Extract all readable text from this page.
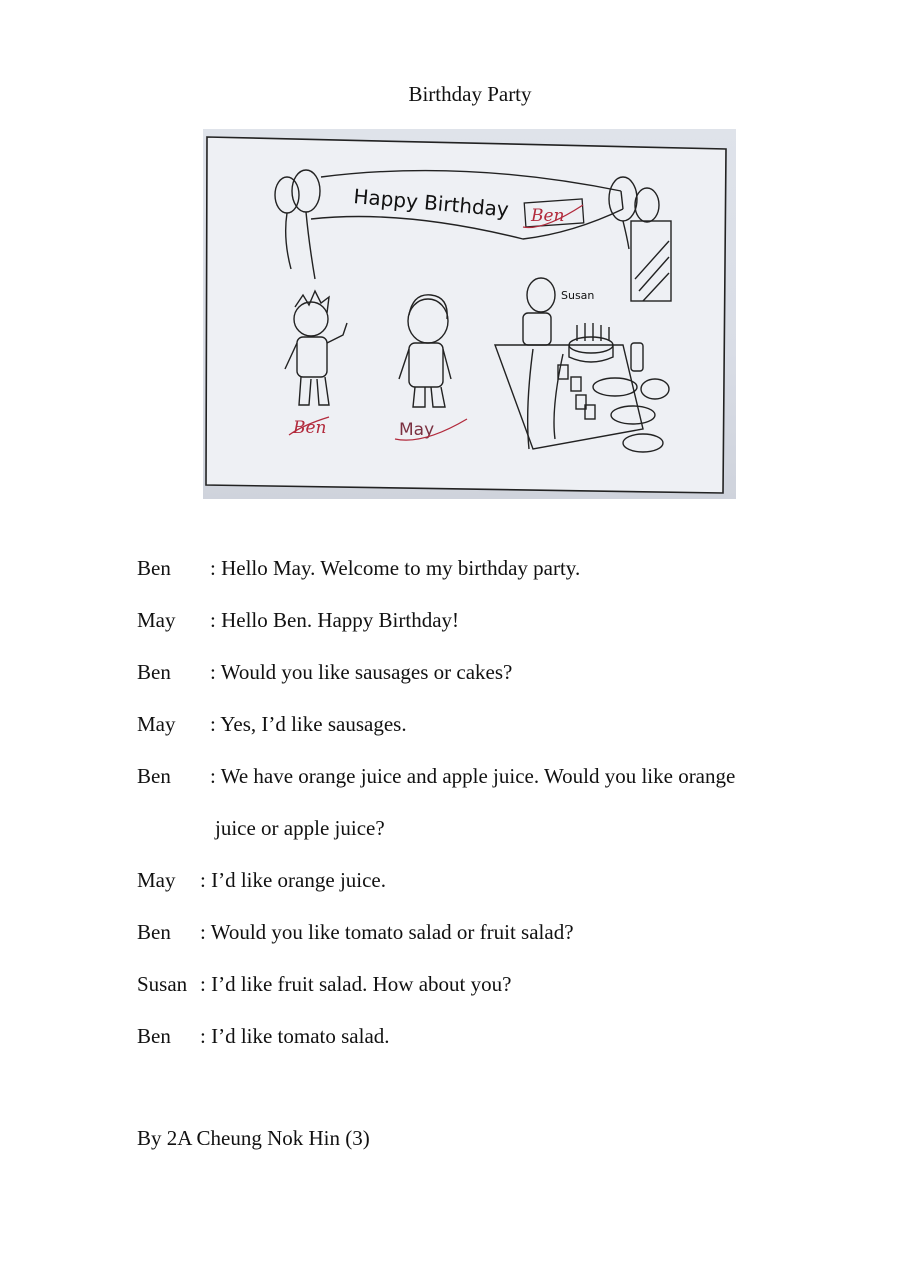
Birthday Party
Happy Birthday Ben
Ben	May
Susan
Ben : Hello May. Welcome to my birthday party.
May : Hello Ben. Happy Birthday!
Ben : Would you like sausages or cakes?
May : Yes, I’d like sausages.
Ben : We have orange juice and apple juice. Would you like orange
juice or apple juice?
May : I’d like orange juice.
Ben : Would you like tomato salad or fruit salad?
Susan : I’d like fruit salad. How about you?
Ben : I’d like tomato salad.
By 2A Cheung Nok Hin (3)
